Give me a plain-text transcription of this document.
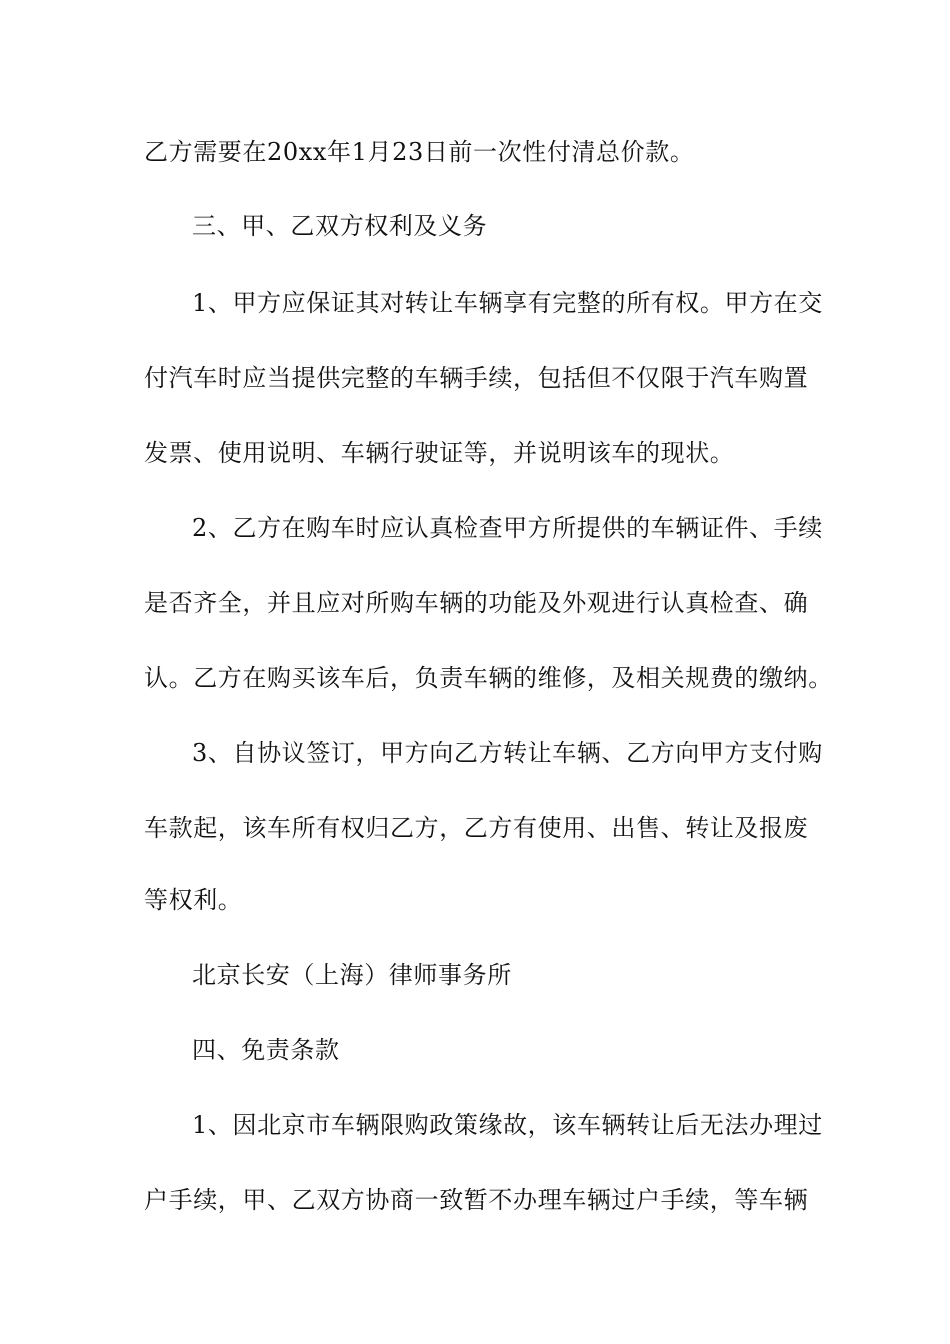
乙方需要在20xx年1月23日前一次性付清总价款。
三、甲、乙双方权利及义务
1、甲方应保证其对转让车辆享有完整的所有权。甲方在交
付汽车时应当提供完整的车辆手续，包括但不仅限于汽车购置
发票、使用说明、车辆行驶证等，并说明该车的现状。
2、乙方在购车时应认真检查甲方所提供的车辆证件、手续
是否齐全，并且应对所购车辆的功能及外观进行认真检查、确
认。乙方在购买该车后，负责车辆的维修，及相关规费的缴纳。
3、自协议签订，甲方向乙方转让车辆、乙方向甲方支付购
车款起，该车所有权归乙方，乙方有使用、出售、转让及报废
等权利。
北京长安（上海）律师事务所
四、免责条款
1、因北京市车辆限购政策缘故，该车辆转让后无法办理过
户手续，甲、乙双方协商一致暂不办理车辆过户手续，等车辆
